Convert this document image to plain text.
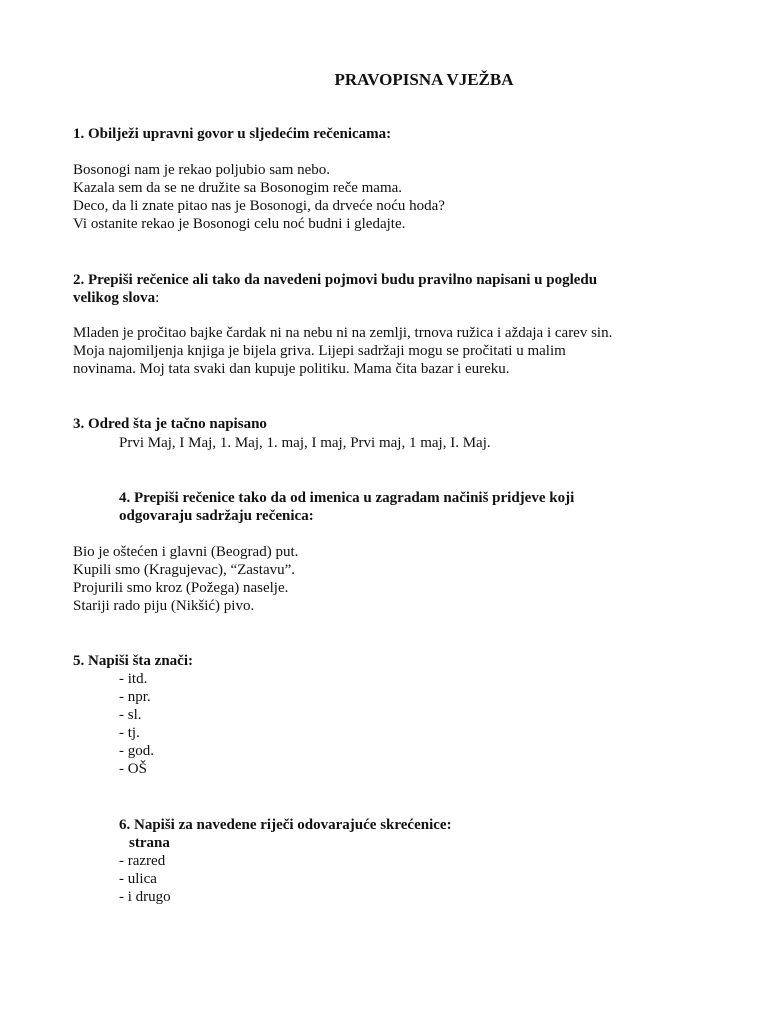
PRAVOPISNA VJEŽBA

1. Obilježi upravni govor u sljedećim rečenicama:

Bosonogi nam je rekao poljubio sam nebo.
Kazala sem da se ne družite sa Bosonogim reče mama.
Deco, da li znate pitao nas je Bosonogi, da drveće noću hoda?
Vi ostanite rekao je Bosonogi celu noć budni i gledajte.

2. Prepiši rečenice ali tako da navedeni pojmovi budu pravilno napisani u pogledu

velikog slova:

Mladen je pročitao bajke čardak ni na nebu ni na zemlji, trnova ružica i aždaja i carev sin.
Moja najomiljenja knjiga je bijela griva. Lijepi sadržaji mogu se pročitati u malim
novinama. Moj tata svaki dan kupuje politiku. Mama čita bazar i eureku.

3. Odred šta je tačno napisano

Prvi Maj, I Maj, 1. Maj, 1. maj, I maj, Prvi maj, 1 maj, I. Maj.

4. Prepiši rečenice tako da od imenica u zagradam načiniš pridjeve koji

odgovaraju sadržaju rečenica:

Bio je oštećen i glavni (Beograd) put.
Kupili smo (Kragujevac), “Zastavu”.
Projurili smo kroz (Požega) naselje.
Stariji rado piju (Nikšić) pivo.

5. Napiši šta znači:

- itd.
- npr.
- sl.
- tj.
- god.
- OŠ

6. Napiši za navedene riječi odovarajuće skrećenice:

strana

- razred
- ulica
- i drugo
